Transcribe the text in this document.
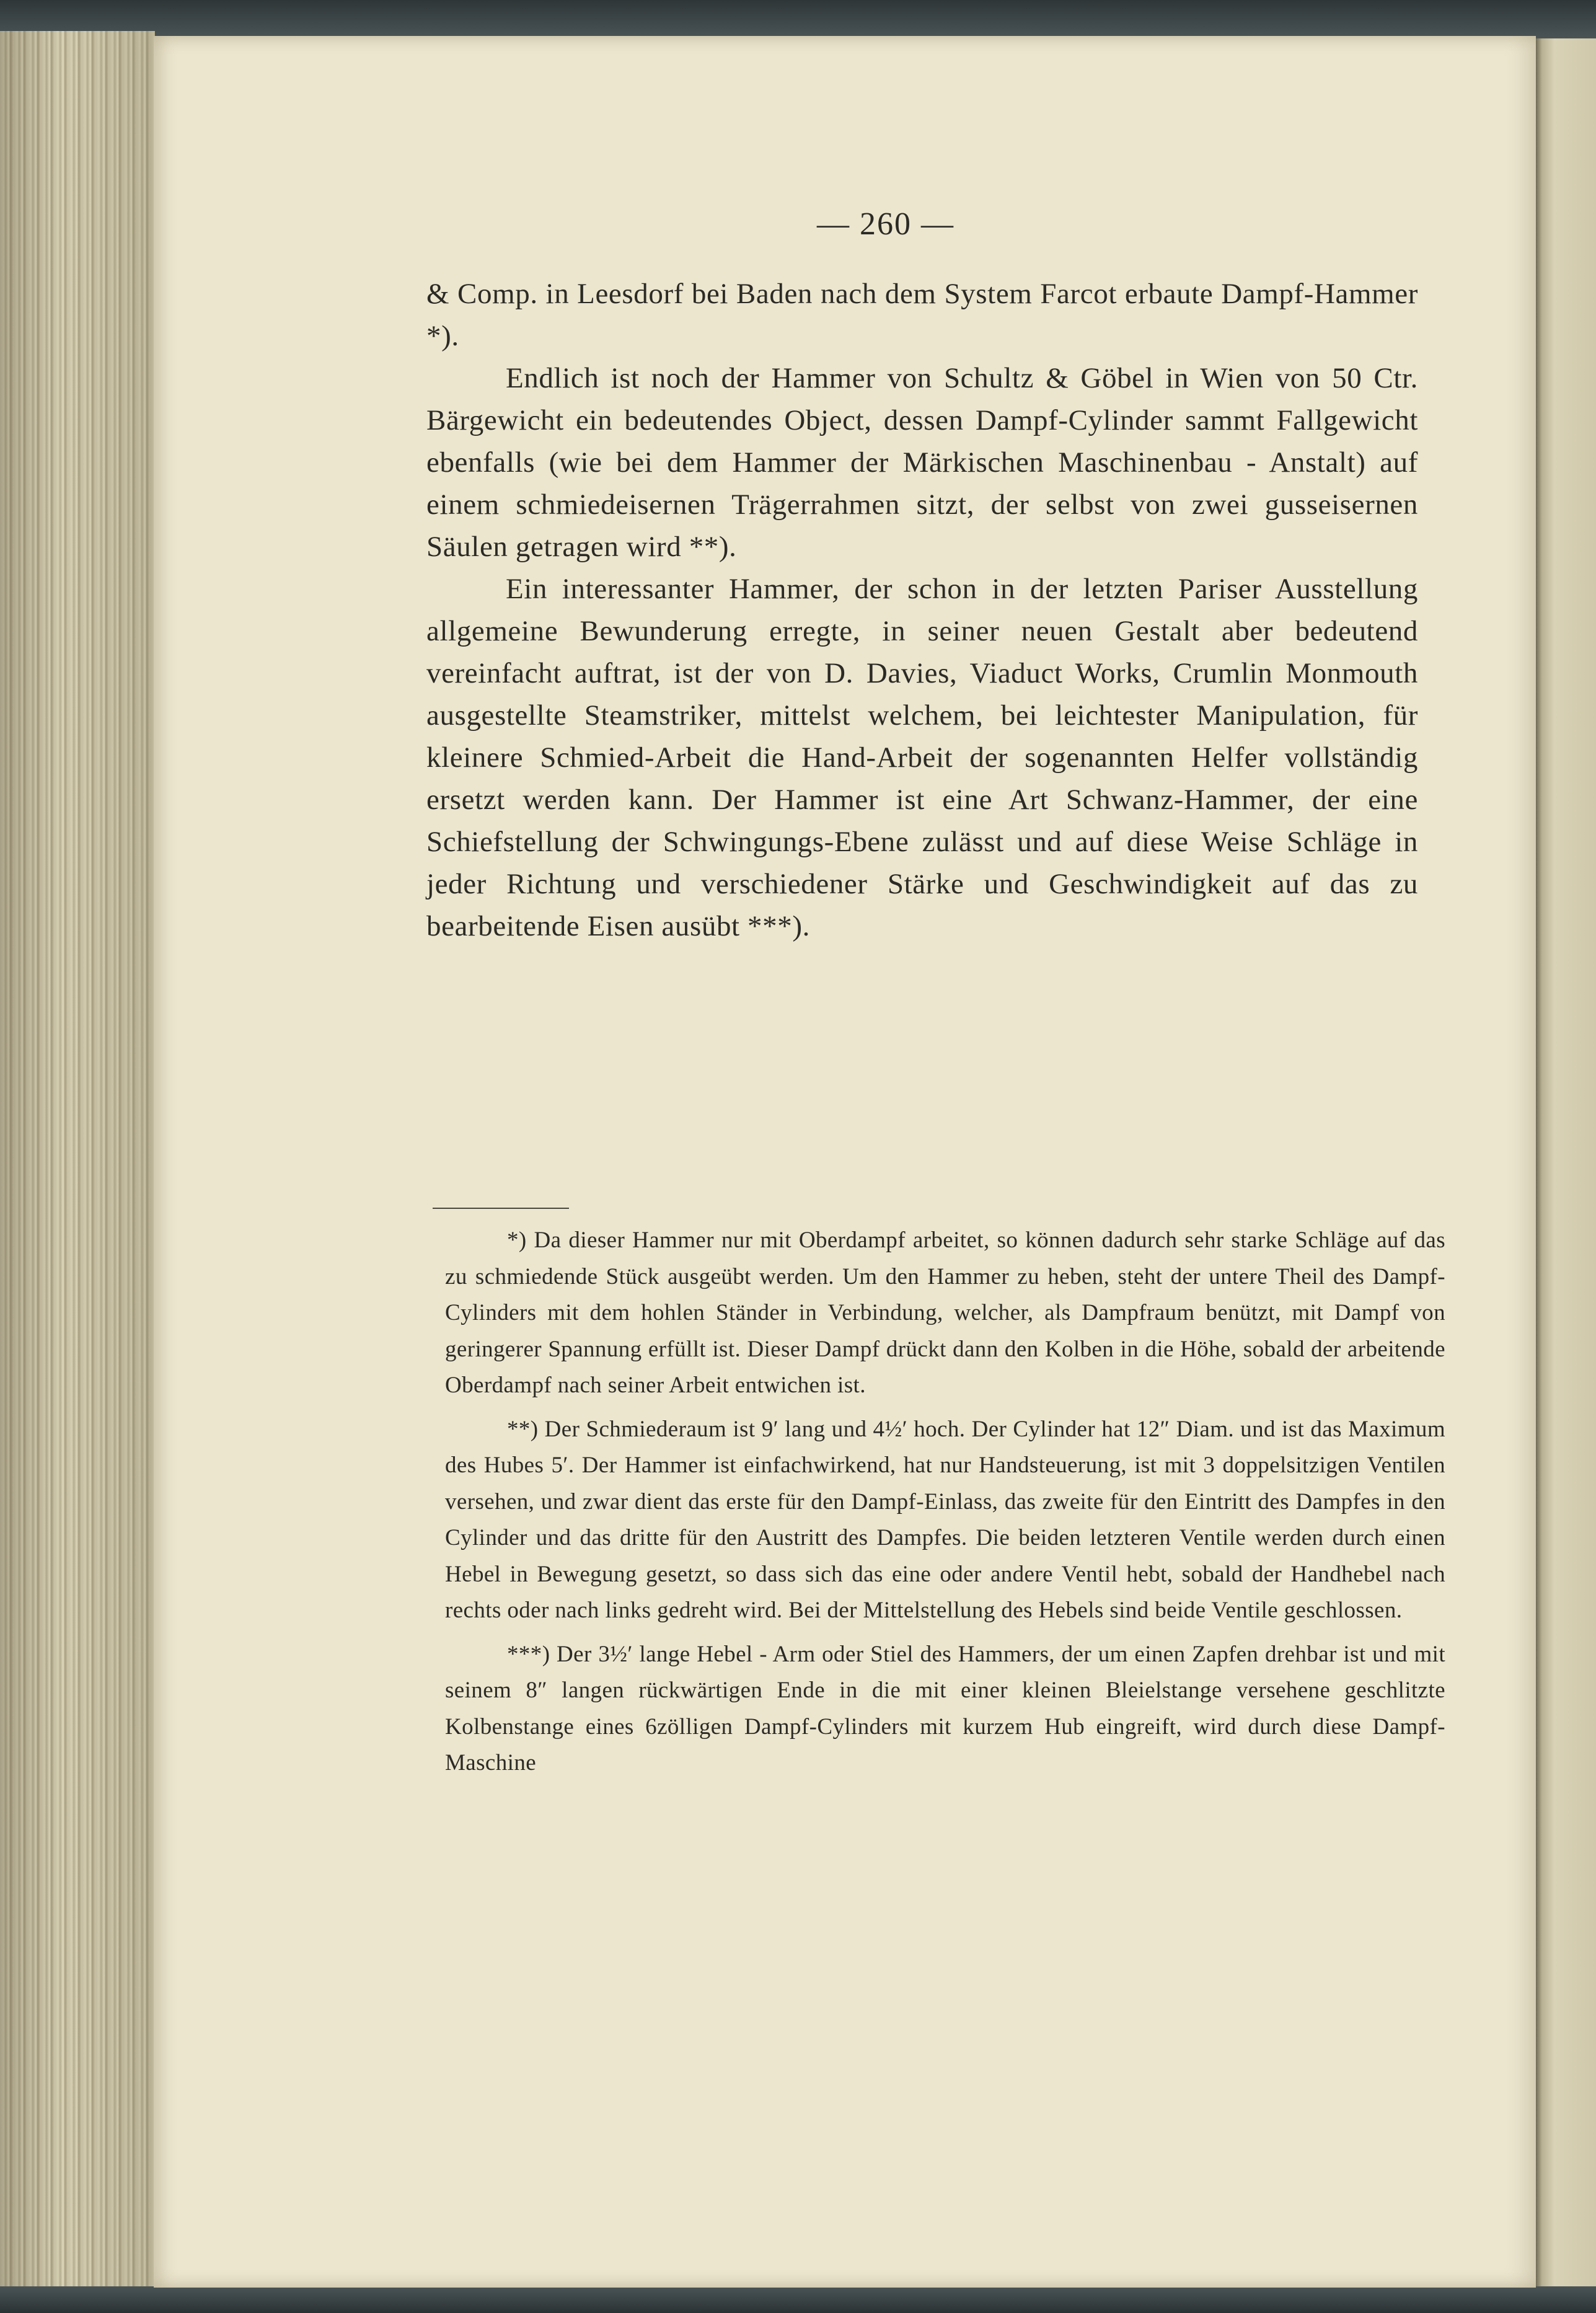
— 260 —

& Comp. in Leesdorf bei Baden nach dem System Farcot erbaute Dampf-Hammer *).

Endlich ist noch der Hammer von Schultz & Göbel in Wien von 50 Ctr. Bärgewicht ein bedeutendes Object, dessen Dampf-Cylinder sammt Fallgewicht ebenfalls (wie bei dem Hammer der Märkischen Maschinenbau - Anstalt) auf einem schmiedeisernen Trägerrahmen sitzt, der selbst von zwei gusseisernen Säulen getragen wird **).

Ein interessanter Hammer, der schon in der letzten Pariser Ausstellung allgemeine Bewunderung erregte, in seiner neuen Gestalt aber bedeutend vereinfacht auftrat, ist der von D. Davies, Viaduct Works, Crumlin Monmouth ausgestellte Steamstriker, mittelst welchem, bei leichtester Manipulation, für kleinere Schmied-Arbeit die Hand-Arbeit der sogenannten Helfer vollständig ersetzt werden kann. Der Hammer ist eine Art Schwanz-Hammer, der eine Schiefstellung der Schwingungs-Ebene zulässt und auf diese Weise Schläge in jeder Richtung und verschiedener Stärke und Geschwindigkeit auf das zu bearbeitende Eisen ausübt ***).

*) Da dieser Hammer nur mit Oberdampf arbeitet, so können dadurch sehr starke Schläge auf das zu schmiedende Stück ausgeübt werden. Um den Hammer zu heben, steht der untere Theil des Dampf-Cylinders mit dem hohlen Ständer in Verbindung, welcher, als Dampfraum benützt, mit Dampf von geringerer Spannung erfüllt ist. Dieser Dampf drückt dann den Kolben in die Höhe, sobald der arbeitende Oberdampf nach seiner Arbeit entwichen ist.

**) Der Schmiederaum ist 9′ lang und 4½′ hoch. Der Cylinder hat 12″ Diam. und ist das Maximum des Hubes 5′. Der Hammer ist einfachwirkend, hat nur Handsteuerung, ist mit 3 doppelsitzigen Ventilen versehen, und zwar dient das erste für den Dampf-Einlass, das zweite für den Eintritt des Dampfes in den Cylinder und das dritte für den Austritt des Dampfes. Die beiden letzteren Ventile werden durch einen Hebel in Bewegung gesetzt, so dass sich das eine oder andere Ventil hebt, sobald der Handhebel nach rechts oder nach links gedreht wird. Bei der Mittelstellung des Hebels sind beide Ventile geschlossen.

***) Der 3½′ lange Hebel - Arm oder Stiel des Hammers, der um einen Zapfen drehbar ist und mit seinem 8″ langen rückwärtigen Ende in die mit einer kleinen Bleielstange versehene geschlitzte Kolbenstange eines 6zölligen Dampf-Cylinders mit kurzem Hub eingreift, wird durch diese Dampf-Maschine
